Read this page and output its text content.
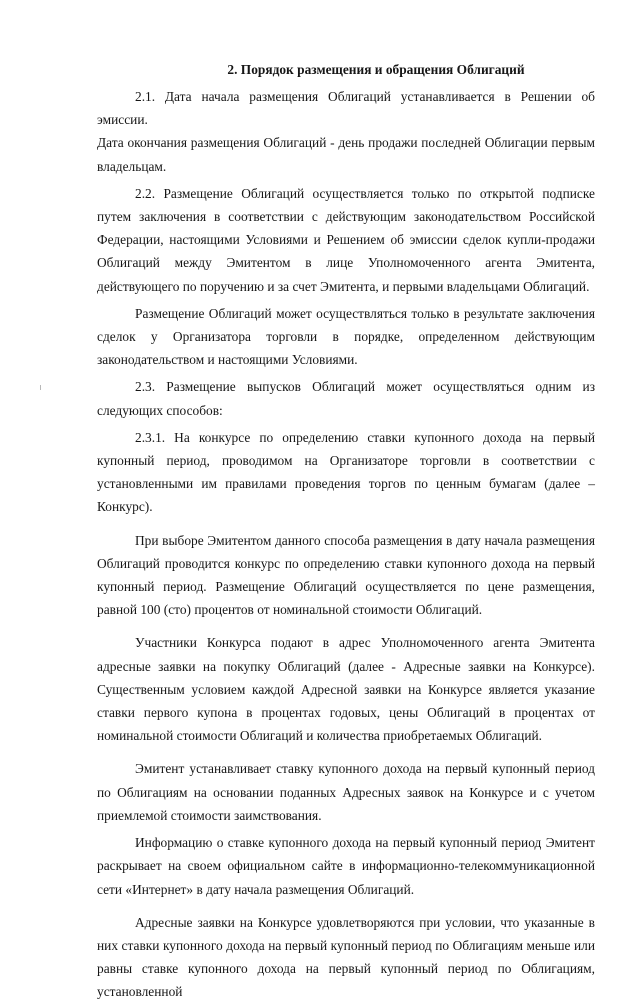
2. Порядок размещения и обращения Облигаций

2.1. Дата начала размещения Облигаций устанавливается в Решении об эмиссии.

Дата окончания размещения Облигаций - день продажи последней Облигации первым владельцам.

2.2. Размещение Облигаций осуществляется только по открытой подписке путем заключения в соответствии с действующим законодательством Российской Федерации, настоящими Условиями и Решением об эмиссии сделок купли-продажи Облигаций между Эмитентом в лице Уполномоченного агента Эмитента, действующего по поручению и за счет Эмитента, и первыми владельцами Облигаций.

Размещение Облигаций может осуществляться только в результате заключения сделок у Организатора торговли в порядке, определенном действующим законодательством и настоящими Условиями.

2.3. Размещение выпусков Облигаций может осуществляться одним из следующих способов:

2.3.1. На конкурсе по определению ставки купонного дохода на первый купонный период, проводимом на Организаторе торговли в соответствии с установленными им правилами проведения торгов по ценным бумагам (далее – Конкурс).

При выборе Эмитентом данного способа размещения в дату начала размещения Облигаций проводится конкурс по определению ставки купонного дохода на первый купонный период. Размещение Облигаций осуществляется по цене размещения, равной 100 (сто) процентов от номинальной стоимости Облигаций.

Участники Конкурса подают в адрес Уполномоченного агента Эмитента адресные заявки на покупку Облигаций (далее - Адресные заявки на Конкурсе). Существенным условием каждой Адресной заявки на Конкурсе является указание ставки первого купона в процентах годовых, цены Облигаций в процентах от номинальной стоимости Облигаций и количества приобретаемых Облигаций.

Эмитент устанавливает ставку купонного дохода на первый купонный период по Облигациям на основании поданных Адресных заявок на Конкурсе и с учетом приемлемой стоимости заимствования.

Информацию о ставке купонного дохода на первый купонный период Эмитент раскрывает на своем официальном сайте в информационно-телекоммуникационной сети «Интернет» в дату начала размещения Облигаций.

Адресные заявки на Конкурсе удовлетворяются при условии, что указанные в них ставки купонного дохода на первый купонный период по Облигациям меньше или равны ставке купонного дохода на первый купонный период по Облигациям, установленной
